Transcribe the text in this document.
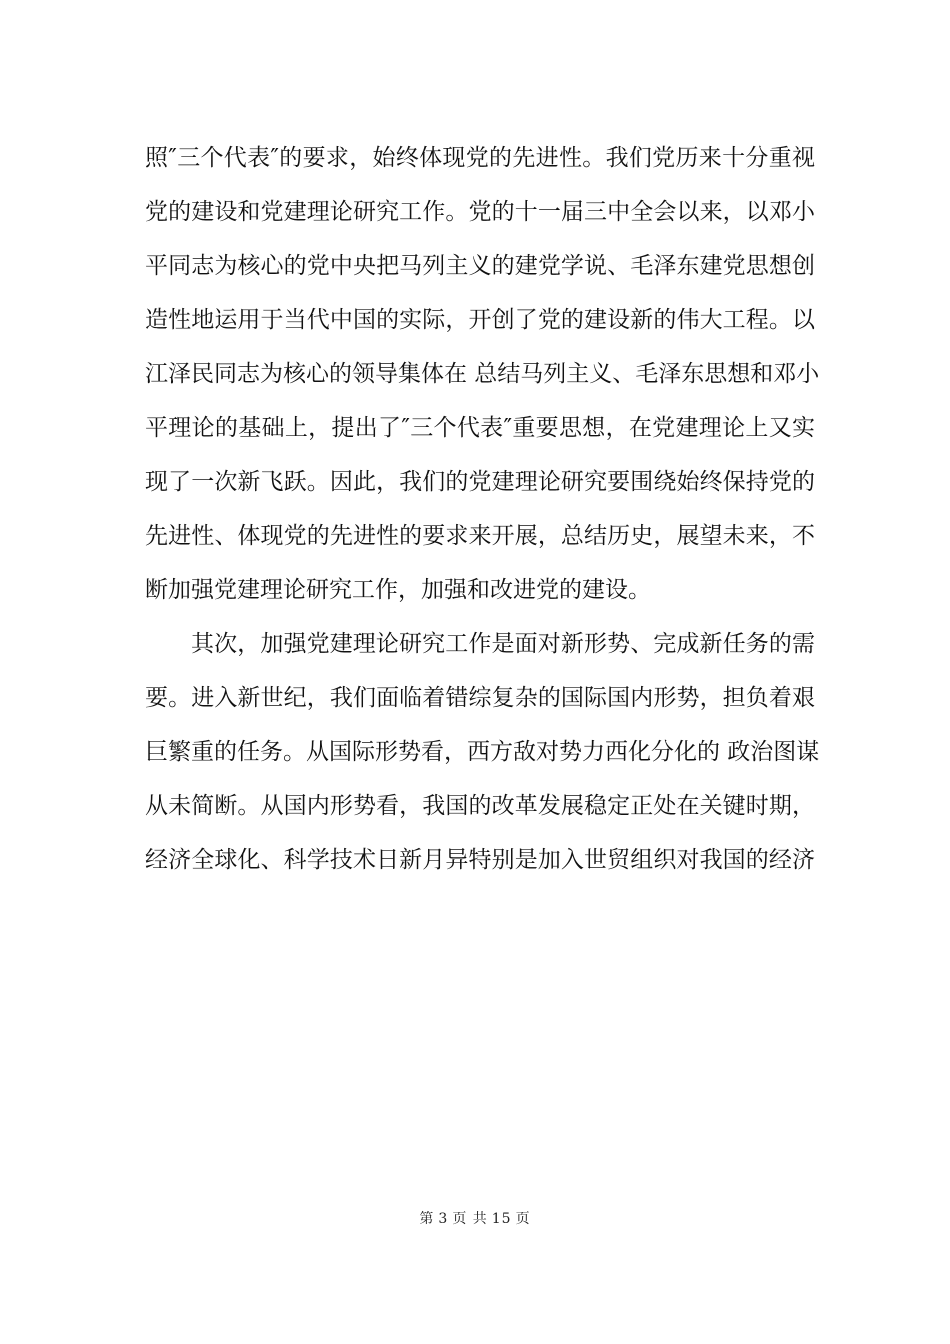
照″三个代表″的要求，始终体现党的先进性。我们党历来十分重视
党的建设和党建理论研究工作。党的十一届三中全会以来，以邓小
平同志为核心的党中央把马列主义的建党学说、毛泽东建党思想创
造性地运用于当代中国的实际，开创了党的建设新的伟大工程。以
江泽民同志为核心的领导集体在 总结马列主义、毛泽东思想和邓小
平理论的基础上，提出了″三个代表″重要思想，在党建理论上又实
现了一次新飞跃。因此，我们的党建理论研究要围绕始终保持党的
先进性、体现党的先进性的要求来开展，总结历史，展望未来，不
断加强党建理论研究工作，加强和改进党的建设。
其次，加强党建理论研究工作是面对新形势、完成新任务的需
要。进入新世纪，我们面临着错综复杂的国际国内形势，担负着艰
巨繁重的任务。从国际形势看，西方敌对势力西化分化的 政治图谋
从未简断。从国内形势看，我国的改革发展稳定正处在关键时期，
经济全球化、科学技术日新月异特别是加入世贸组织对我国的经济
第 3 页 共 15 页
